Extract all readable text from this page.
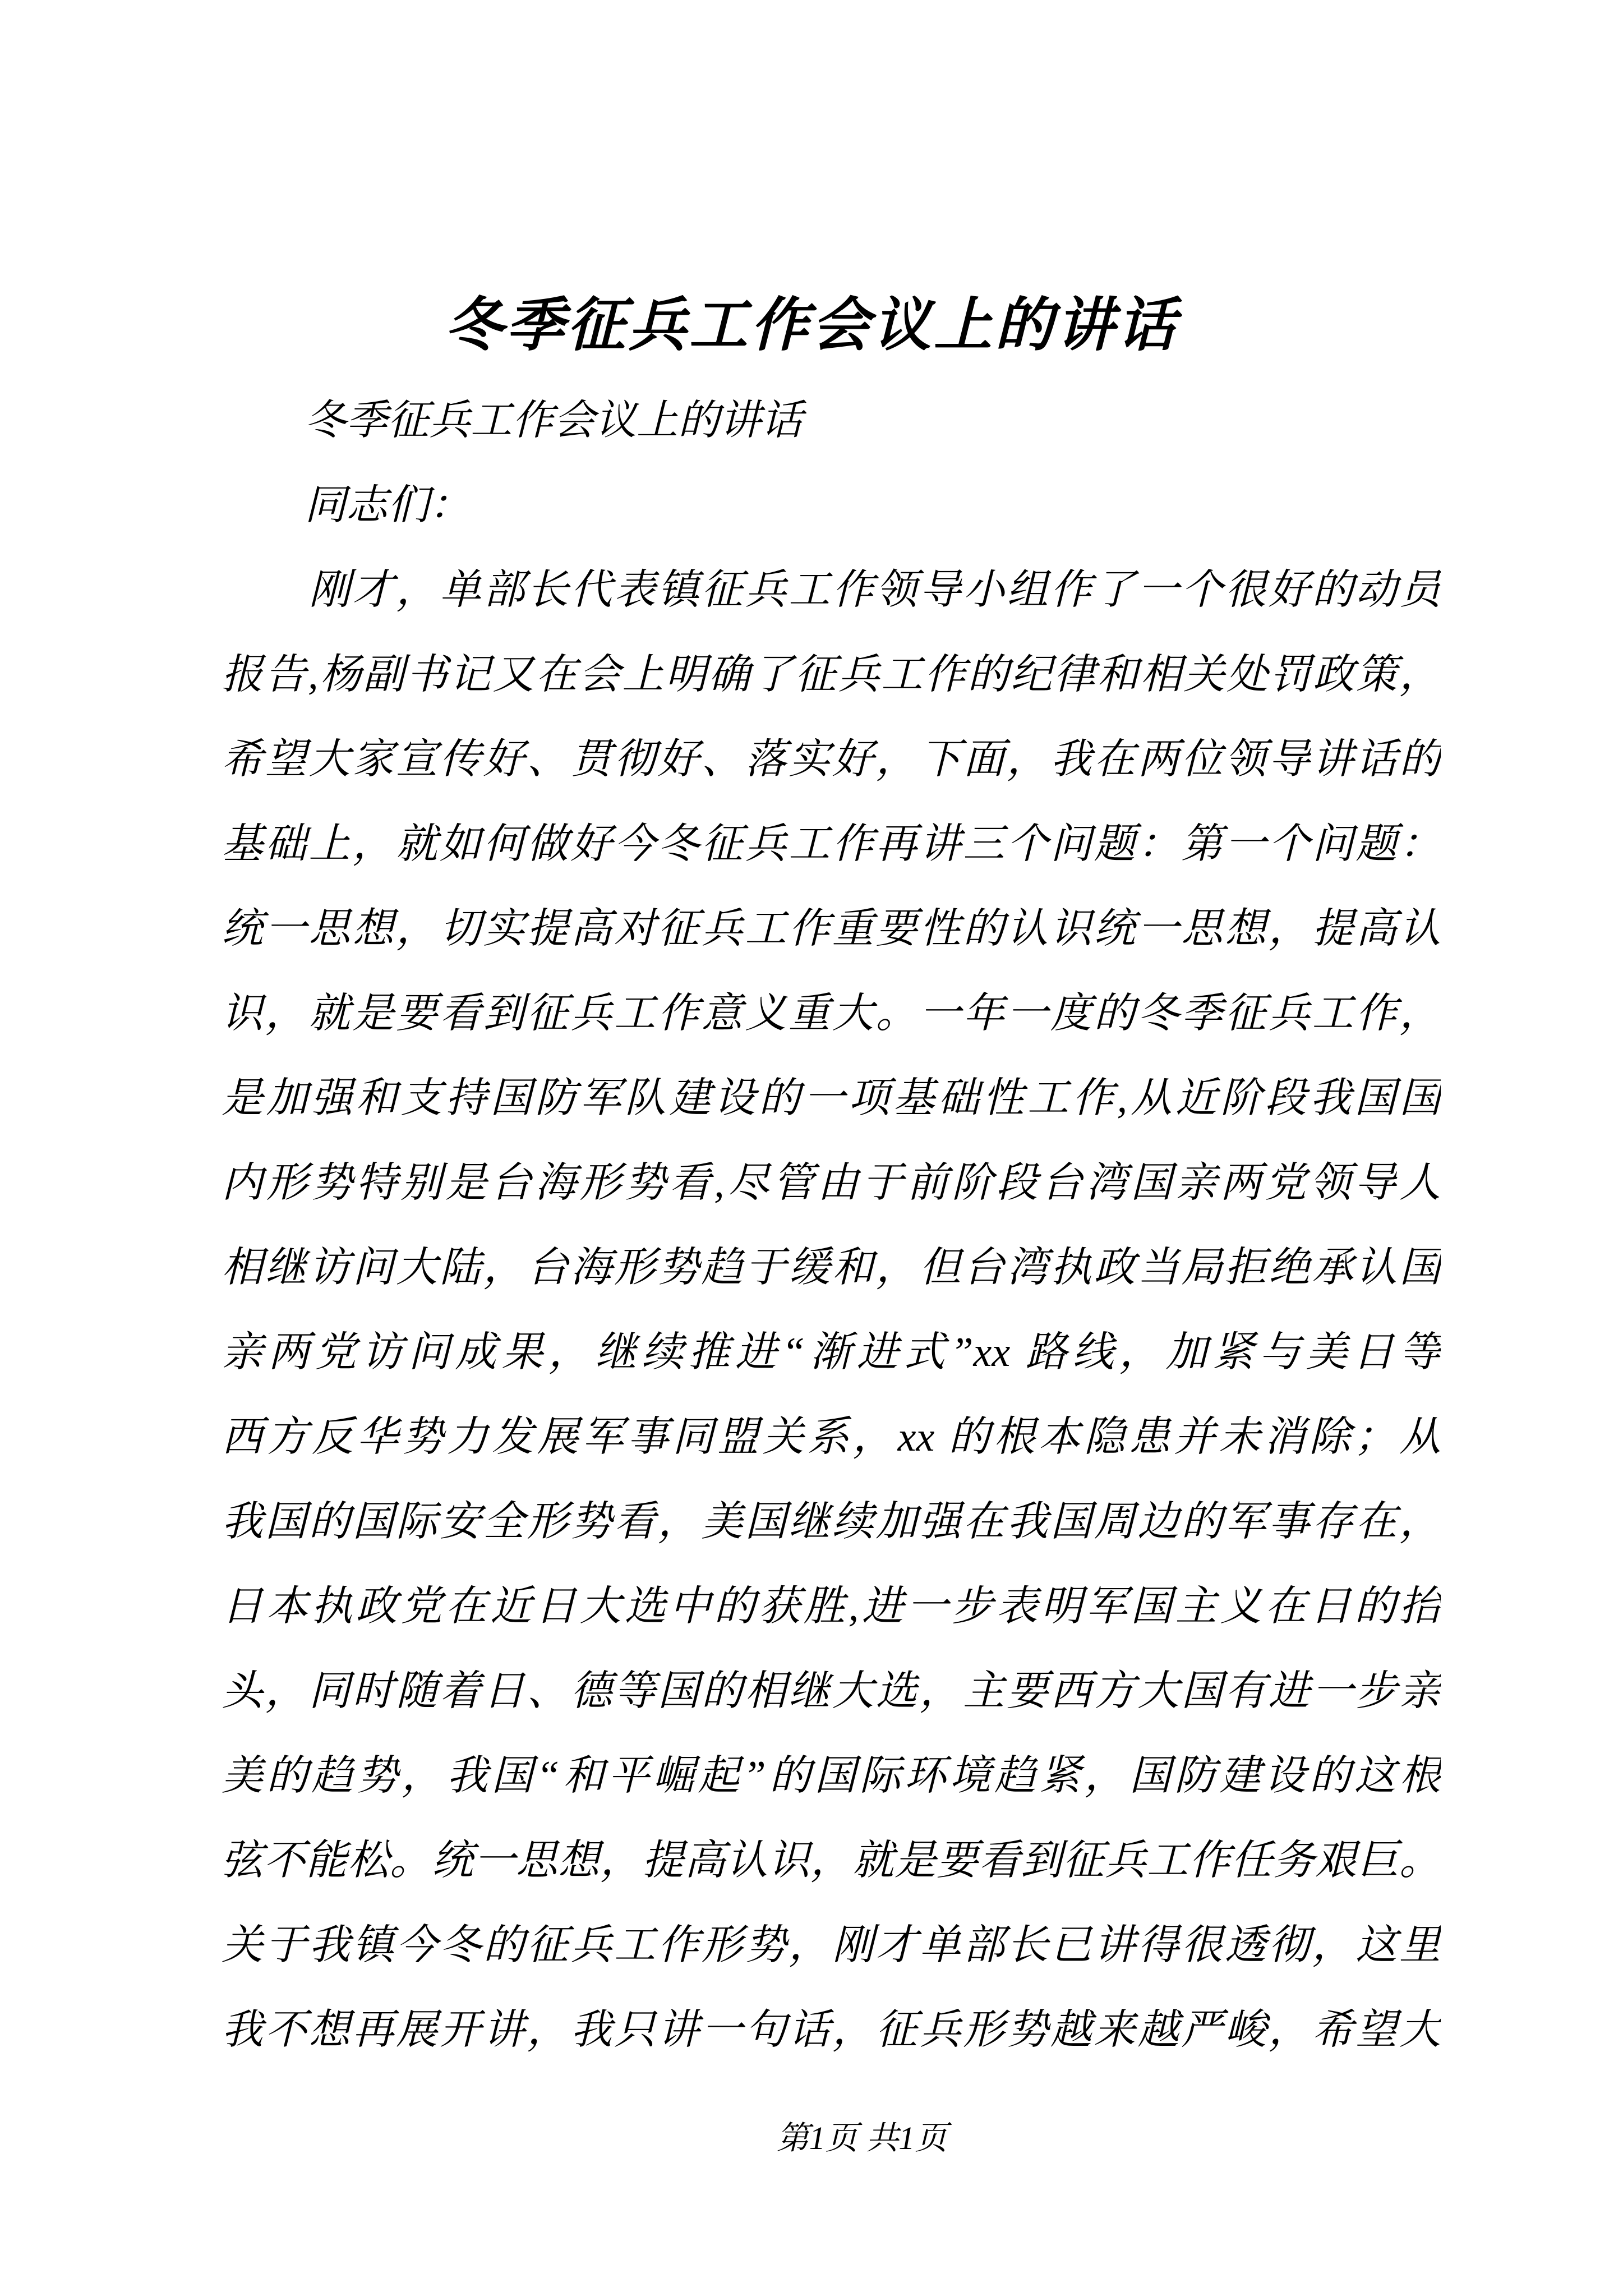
冬季征兵工作会议上的讲话
　　冬季征兵工作会议上的讲话
　　同志们：
　　刚才，单部长代表镇征兵工作领导小组作了一个很好的动员
报告,杨副书记又在会上明确了征兵工作的纪律和相关处罚政策，
希望大家宣传好、贯彻好、落实好，下面，我在两位领导讲话的
基础上，就如何做好今冬征兵工作再讲三个问题：第一个问题：
统一思想，切实提高对征兵工作重要性的认识统一思想，提高认
识，就是要看到征兵工作意义重大。一年一度的冬季征兵工作，
是加强和支持国防军队建设的一项基础性工作,从近阶段我国国
内形势特别是台海形势看,尽管由于前阶段台湾国亲两党领导人
相继访问大陆，台海形势趋于缓和，但台湾执政当局拒绝承认国
亲两党访问成果，继续推进“渐进式”xx 路线，加紧与美日等
西方反华势力发展军事同盟关系，xx 的根本隐患并未消除；从
我国的国际安全形势看，美国继续加强在我国周边的军事存在，
日本执政党在近日大选中的获胜,进一步表明军国主义在日的抬
头，同时随着日、德等国的相继大选，主要西方大国有进一步亲
美的趋势，我国“和平崛起”的国际环境趋紧，国防建设的这根
弦不能松。统一思想，提高认识，就是要看到征兵工作任务艰巨。
关于我镇今冬的征兵工作形势，刚才单部长已讲得很透彻，这里
我不想再展开讲，我只讲一句话，征兵形势越来越严峻，希望大
第1页 共1页
